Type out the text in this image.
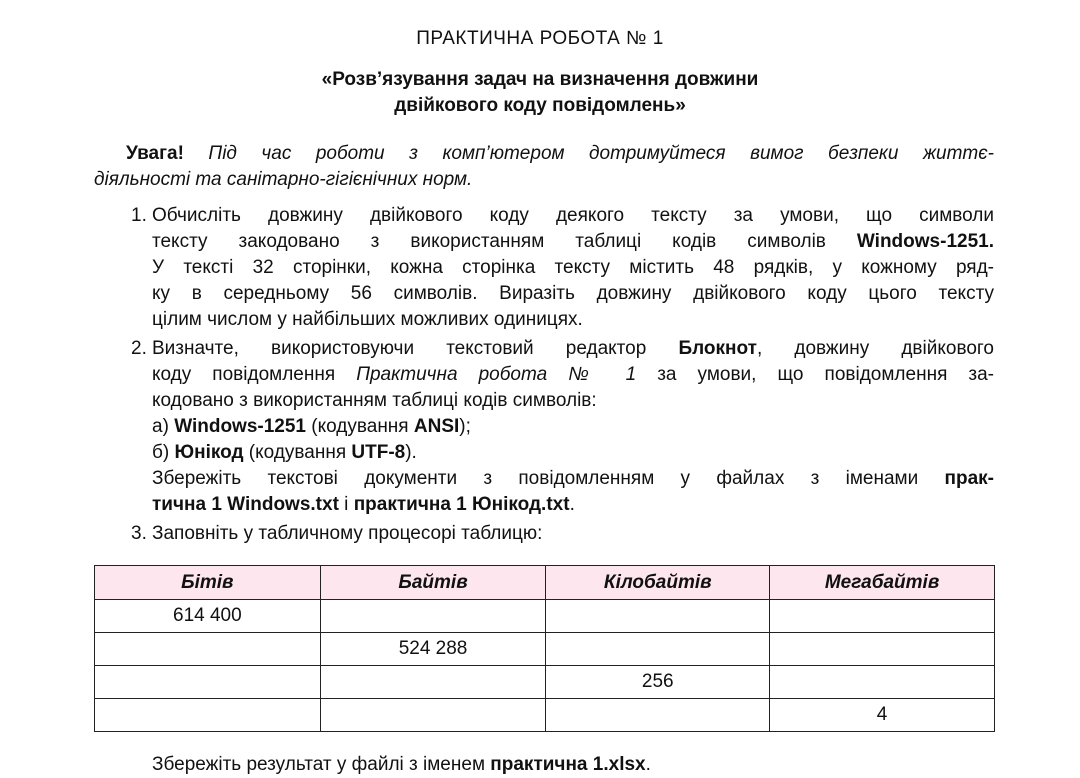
ПРАКТИЧНА РОБОТА № 1
«Розв’язування задач на визначення довжини
двійкового коду повідомлень»
Увага! Під час роботи з комп’ютером дотримуйтеся вимог безпеки життє-
діяльності та санітарно-гігієнічних норм.
1. Обчисліть довжину двійкового коду деякого тексту за умови, що символи
тексту закодовано з використанням таблиці кодів символів Windows-1251.
У тексті 32 сторінки, кожна сторінка тексту містить 48 рядків, у кожному ряд-
ку в середньому 56 символів. Виразіть довжину двійкового коду цього тексту
цілим числом у найбільших можливих одиницях.
2. Визначте, використовуючи текстовий редактор Блокнот, довжину двійкового
коду повідомлення Практична робота № 1 за умови, що повідомлення за-
кодовано з використанням таблиці кодів символів:
а) Windows-1251 (кодування ANSI);
б) Юнікод (кодування UTF-8).
Збережіть текстові документи з повідомленням у файлах з іменами прак-
тична 1 Windows.txt і практична 1 Юнікод.txt.
3. Заповніть у табличному процесорі таблицю:
Бітів	Байтів	Кілобайтів	Мегабайтів
614 400			
	524 288		
		256	
			4
Збережіть результат у файлі з іменем практична 1.xlsx.
